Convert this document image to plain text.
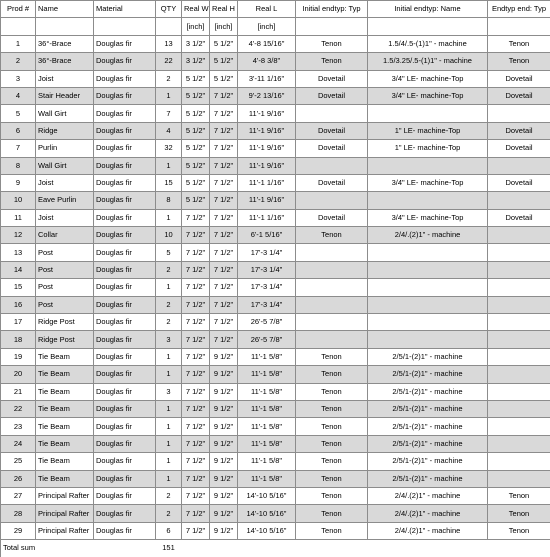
Prod #	Name	Material	QTY	Real W	Real H	Real L	Initial endtyp: Typ	Initial endtyp: Name	Endtyp end: Typ
				[inch]	[inch]	[inch]			
1	36°-Brace	Douglas fir	13	3 1/2"	5 1/2"	4'-8 15/16"	Tenon	1.5/4/.5-(1)1" - machine	Tenon
2	36°-Brace	Douglas fir	22	3 1/2"	5 1/2"	4'-8 3/8"	Tenon	1.5/3.25/.5-(1)1" - machine	Tenon
3	Joist	Douglas fir	2	5 1/2"	5 1/2"	3'-11 1/16"	Dovetail	3/4" LE- machine-Top	Dovetail
4	Stair Header	Douglas fir	1	5 1/2"	7 1/2"	9'-2 13/16"	Dovetail	3/4" LE- machine-Top	Dovetail
5	Wall Girt	Douglas fir	7	5 1/2"	7 1/2"	11'-1 9/16"			
6	Ridge	Douglas fir	4	5 1/2"	7 1/2"	11'-1 9/16"	Dovetail	1" LE- machine-Top	Dovetail
7	Purlin	Douglas fir	32	5 1/2"	7 1/2"	11'-1 9/16"	Dovetail	1" LE- machine-Top	Dovetail
8	Wall Girt	Douglas fir	1	5 1/2"	7 1/2"	11'-1 9/16"			
9	Joist	Douglas fir	15	5 1/2"	7 1/2"	11'-1 1/16"	Dovetail	3/4" LE- machine-Top	Dovetail
10	Eave Purlin	Douglas fir	8	5 1/2"	7 1/2"	11'-1 9/16"			
11	Joist	Douglas fir	1	7 1/2"	7 1/2"	11'-1 1/16"	Dovetail	3/4" LE- machine-Top	Dovetail
12	Collar	Douglas fir	10	7 1/2"	7 1/2"	6'-1 5/16"	Tenon	2/4/.(2)1" - machine	
13	Post	Douglas fir	5	7 1/2"	7 1/2"	17'-3 1/4"			
14	Post	Douglas fir	2	7 1/2"	7 1/2"	17'-3 1/4"			
15	Post	Douglas fir	1	7 1/2"	7 1/2"	17'-3 1/4"			
16	Post	Douglas fir	2	7 1/2"	7 1/2"	17'-3 1/4"			
17	Ridge Post	Douglas fir	2	7 1/2"	7 1/2"	26'-5 7/8"			
18	Ridge Post	Douglas fir	3	7 1/2"	7 1/2"	26'-5 7/8"			
19	Tie Beam	Douglas fir	1	7 1/2"	9 1/2"	11'-1 5/8"	Tenon	2/5/1-(2)1" - machine	
20	Tie Beam	Douglas fir	1	7 1/2"	9 1/2"	11'-1 5/8"	Tenon	2/5/1-(2)1" - machine	
21	Tie Beam	Douglas fir	3	7 1/2"	9 1/2"	11'-1 5/8"	Tenon	2/5/1-(2)1" - machine	
22	Tie Beam	Douglas fir	1	7 1/2"	9 1/2"	11'-1 5/8"	Tenon	2/5/1-(2)1" - machine	
23	Tie Beam	Douglas fir	1	7 1/2"	9 1/2"	11'-1 5/8"	Tenon	2/5/1-(2)1" - machine	
24	Tie Beam	Douglas fir	1	7 1/2"	9 1/2"	11'-1 5/8"	Tenon	2/5/1-(2)1" - machine	
25	Tie Beam	Douglas fir	1	7 1/2"	9 1/2"	11'-1 5/8"	Tenon	2/5/1-(2)1" - machine	
26	Tie Beam	Douglas fir	1	7 1/2"	9 1/2"	11'-1 5/8"	Tenon	2/5/1-(2)1" - machine	
27	Principal Rafter	Douglas fir	2	7 1/2"	9 1/2"	14'-10 5/16"	Tenon	2/4/.(2)1" - machine	Tenon
28	Principal Rafter	Douglas fir	2	7 1/2"	9 1/2"	14'-10 5/16"	Tenon	2/4/.(2)1" - machine	Tenon
29	Principal Rafter	Douglas fir	6	7 1/2"	9 1/2"	14'-10 5/16"	Tenon	2/4/.(2)1" - machine	Tenon
Total sum			151						
